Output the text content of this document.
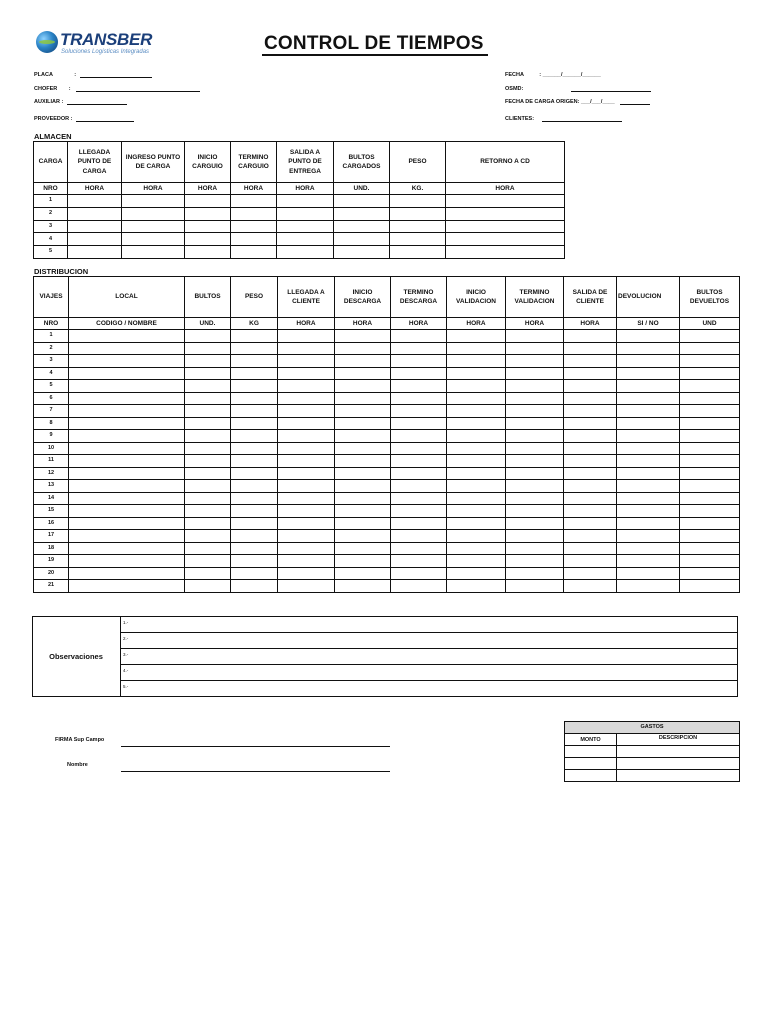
TRANSBER
Soluciones Logísticas Integradas	CONTROL DE TIEMPOS
PLACA	:
CHOFER :
AUXILIAR :
PROVEEDOR :
FECHA	: ______/______/______
OSMD:
FECHA DE CARGA ORIGEN: ___/___/____
CLIENTES:
ALMACEN
CARGA	LLEGADA PUNTO DE CARGA	INGRESO PUNTO DE CARGA	INICIO CARGUIO	TERMINO CARGUIO	SALIDA A PUNTO DE ENTREGA	BULTOS CARGADOS	PESO	RETORNO A CD
NRO	HORA	HORA	HORA	HORA	HORA	UND.	KG.	HORA
1								
2								
3								
4								
5								
DISTRIBUCION
VIAJES	LOCAL	BULTOS	PESO	LLEGADA A CLIENTE	INICIO DESCARGA	TERMINO DESCARGA	INICIO VALIDACION	TERMINO VALIDACION	SALIDA DE CLIENTE	DEVOLUCION	BULTOS DEVUELTOS
NRO	CODIGO / NOMBRE	UND.	KG	HORA	HORA	HORA	HORA	HORA	HORA	SI / NO	UND
1											
2											
3											
4											
5											
6											
7											
8											
9											
10											
11											
12											
13											
14											
15											
16											
17											
18											
19											
20											
21											
Observaciones
1.-
2.-
3.-
4.-
5.-
FIRMA Sup Campo
Nombre
GASTOS	
MONTO	DESCRIPCION
